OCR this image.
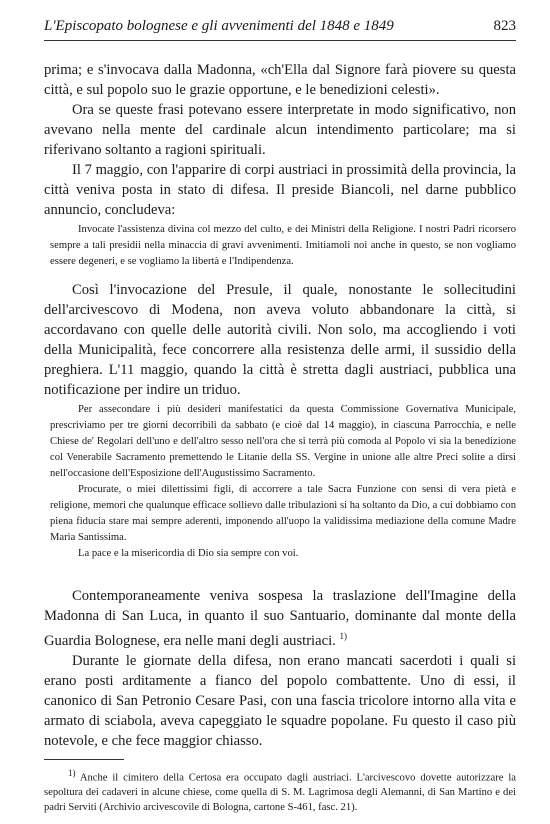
L'Episcopato bolognese e gli avvenimenti del 1848 e 1849	823

prima; e s'invocava dalla Madonna, «ch'Ella dal Signore farà piovere su questa città, e sul popolo suo le grazie opportune, e le benedizioni celesti».

Ora se queste frasi potevano essere interpretate in modo significativo, non avevano nella mente del cardinale alcun intendimento particolare; ma si riferivano soltanto a ragioni spirituali.

Il 7 maggio, con l'apparire di corpi austriaci in prossimità della provincia, la città veniva posta in stato di difesa. Il preside Biancoli, nel darne pubblico annuncio, concludeva:

Invocate l'assistenza divina col mezzo del culto, e dei Ministri della Religione. I nostri Padri ricorsero sempre a tali presidii nella minaccia di gravi avvenimenti. Imitiamoli noi anche in questo, se non vogliamo essere degeneri, e se vogliamo la libertà e l'Indipendenza.

Così l'invocazione del Presule, il quale, nonostante le sollecitudini dell'arcivescovo di Modena, non aveva voluto abbandonare la città, si accordavano con quelle delle autorità civili. Non solo, ma accogliendo i voti della Municipalità, fece concorrere alla resistenza delle armi, il sussidio della preghiera. L'11 maggio, quando la città è stretta dagli austriaci, pubblica una notificazione per indire un triduo.

Per assecondare i più desideri manifestatici da questa Commissione Governativa Municipale, prescriviamo per tre giorni decorribili da sabbato (e cioè dal 14 maggio), in ciascuna Parrocchia, e nelle Chiese de' Regolari dell'uno e dell'altro sesso nell'ora che si terrà più comoda al Popolo vi sia la benedizione col Venerabile Sacramento premettendo le Litanie della SS. Vergine in unione alle altre Preci solite a dirsi nell'occasione dell'Esposizione dell'Augustissimo Sacramento.

Procurate, o miei dilettissimi figli, di accorrere a tale Sacra Funzione con sensi di vera pietà e religione, memori che qualunque efficace sollievo dalle tribulazioni si ha soltanto da Dio, a cui dobbiamo con piena fiducia stare mai sempre aderenti, imponendo all'uopo la validissima mediazione della comune Madre Maria Santissima.

La pace e la misericordia di Dio sia sempre con voi.

Contemporaneamente veniva sospesa la traslazione dell'Imagine della Madonna di San Luca, in quanto il suo Santuario, dominante dal monte della Guardia Bolognese, era nelle mani degli austriaci. $^{1)}$

Durante le giornate della difesa, non erano mancati sacerdoti i quali si erano posti arditamente a fianco del popolo combattente. Uno di essi, il canonico di San Petronio Cesare Pasi, con una fascia tricolore intorno alla vita e armato di sciabola, aveva capeggiato le squadre popolane. Fu questo il caso più notevole, e che fece maggior chiasso.

$^{1)}$ Anche il cimitero della Certosa era occupato dagli austriaci. L'arcivescovo dovette autorizzare la sepoltura dei cadaveri in alcune chiese, come quella di S. M. Lagrimosa degli Alemanni, di San Martino e dei padri Serviti (Archivio arcivescovile di Bologna, cartone S-461, fasc. 21).
